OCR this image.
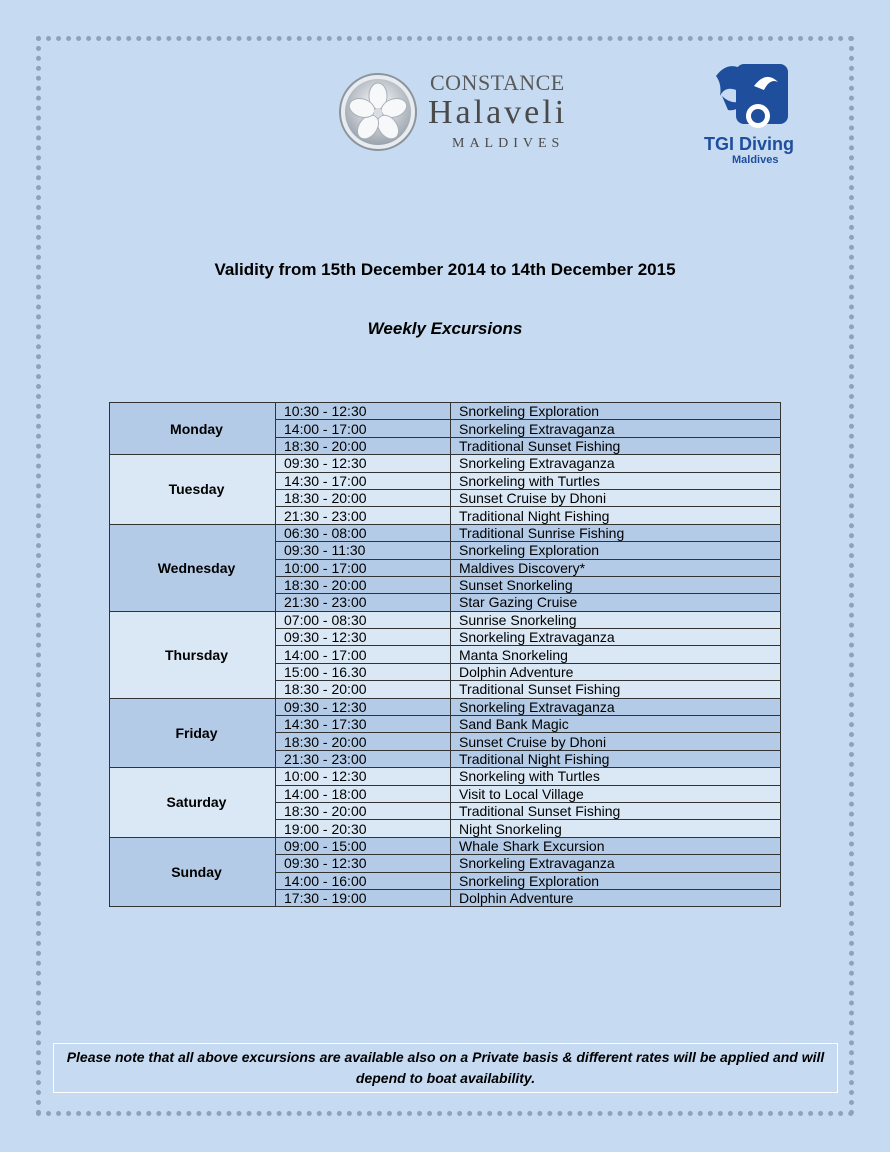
CONSTANCE
Halaveli
MALDIVES	TGI Diving
Maldives
Validity from 15th December 2014 to 14th December 2015
Weekly Excursions
Monday	10:30 - 12:30	Snorkeling Exploration
	14:00 - 17:00	Snorkeling Extravaganza
	18:30 - 20:00	Traditional Sunset Fishing
Tuesday	09:30 - 12:30	Snorkeling Extravaganza
	14:30 - 17:00	Snorkeling with Turtles
	18:30 - 20:00	Sunset Cruise by Dhoni
	21:30 - 23:00	Traditional Night Fishing
Wednesday	06:30 - 08:00	Traditional Sunrise Fishing
	09:30 - 11:30	Snorkeling Exploration
	10:00 - 17:00	Maldives Discovery*
	18:30 - 20:00	Sunset Snorkeling
	21:30 - 23:00	Star Gazing Cruise
Thursday	07:00 - 08:30	Sunrise Snorkeling
	09:30 - 12:30	Snorkeling Extravaganza
	14:00 - 17:00	Manta Snorkeling
	15:00 - 16.30	Dolphin Adventure
	18:30 - 20:00	Traditional Sunset Fishing
Friday	09:30 - 12:30	Snorkeling Extravaganza
	14:30 - 17:30	Sand Bank Magic
	18:30 - 20:00	Sunset Cruise by Dhoni
	21:30 - 23:00	Traditional Night Fishing
Saturday	10:00 - 12:30	Snorkeling with Turtles
	14:00 - 18:00	Visit to Local Village
	18:30 - 20:00	Traditional Sunset Fishing
	19:00 - 20:30	Night Snorkeling
Sunday	09:00 - 15:00	Whale Shark Excursion
	09:30 - 12:30	Snorkeling Extravaganza
	14:00 - 16:00	Snorkeling Exploration
	17:30 - 19:00	Dolphin Adventure
Please note that all above excursions are available also on a Private basis & different rates will be applied and will depend to boat availability.
